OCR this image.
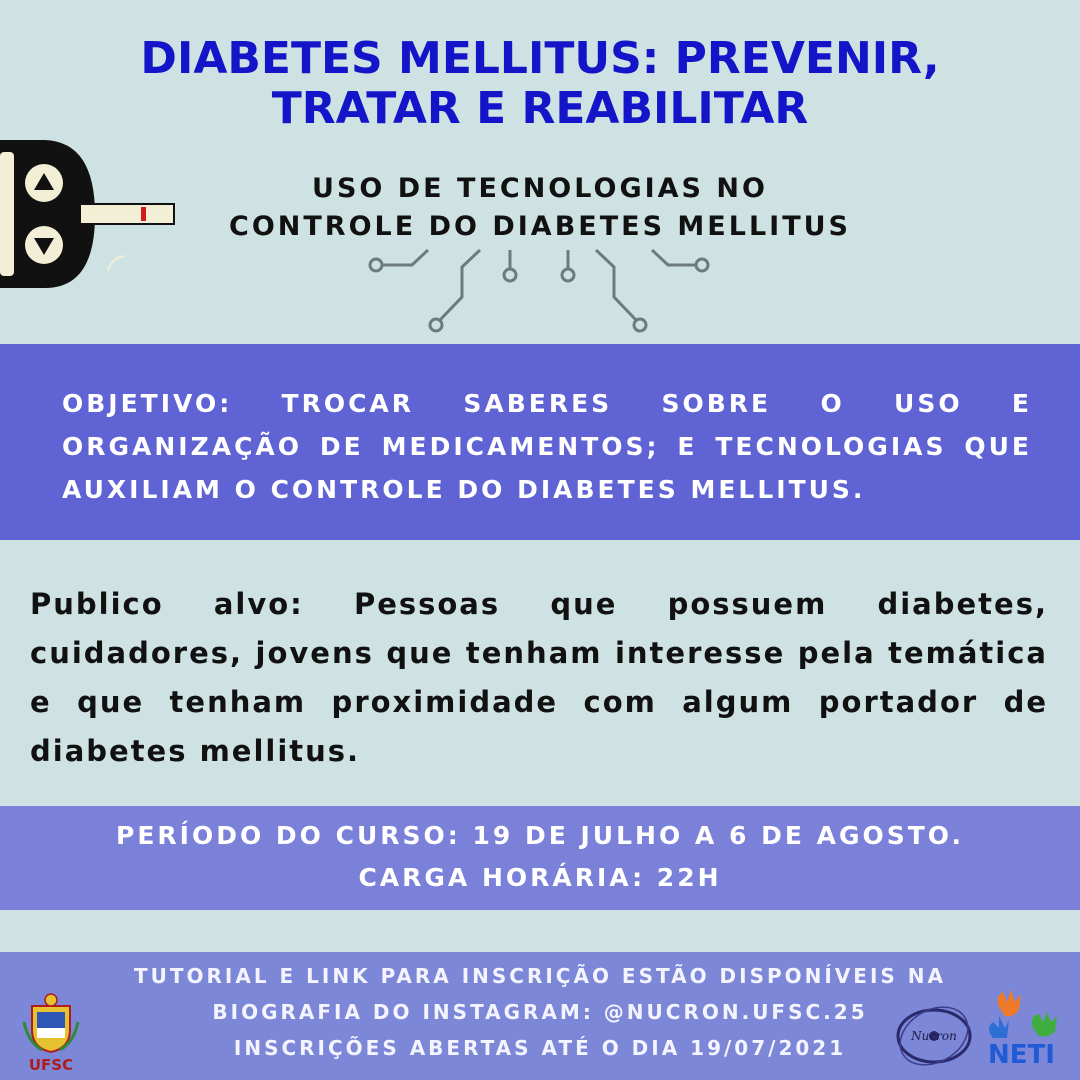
DIABETES MELLITUS: PREVENIR,
TRATAR E REABILITAR
USO DE TECNOLOGIAS NO
CONTROLE DO DIABETES MELLITUS
OBJETIVO: TROCAR SABERES SOBRE O USO E ORGANIZAÇÃO DE MEDICAMENTOS; E TECNOLOGIAS QUE AUXILIAM O CONTROLE DO DIABETES MELLITUS.
Publico alvo: Pessoas que possuem diabetes, cuidadores, jovens que tenham interesse pela temática e que tenham proximidade com algum portador de diabetes mellitus.
PERÍODO DO CURSO: 19 DE JULHO A 6 DE AGOSTO.
CARGA HORÁRIA: 22H
TUTORIAL E LINK PARA INSCRIÇÃO ESTÃO DISPONÍVEIS NA
BIOGRAFIA DO INSTAGRAM: @NUCRON.UFSC.25
INSCRIÇÕES ABERTAS ATÉ O DIA 19/07/2021
UFSC
Nucron
NETI
